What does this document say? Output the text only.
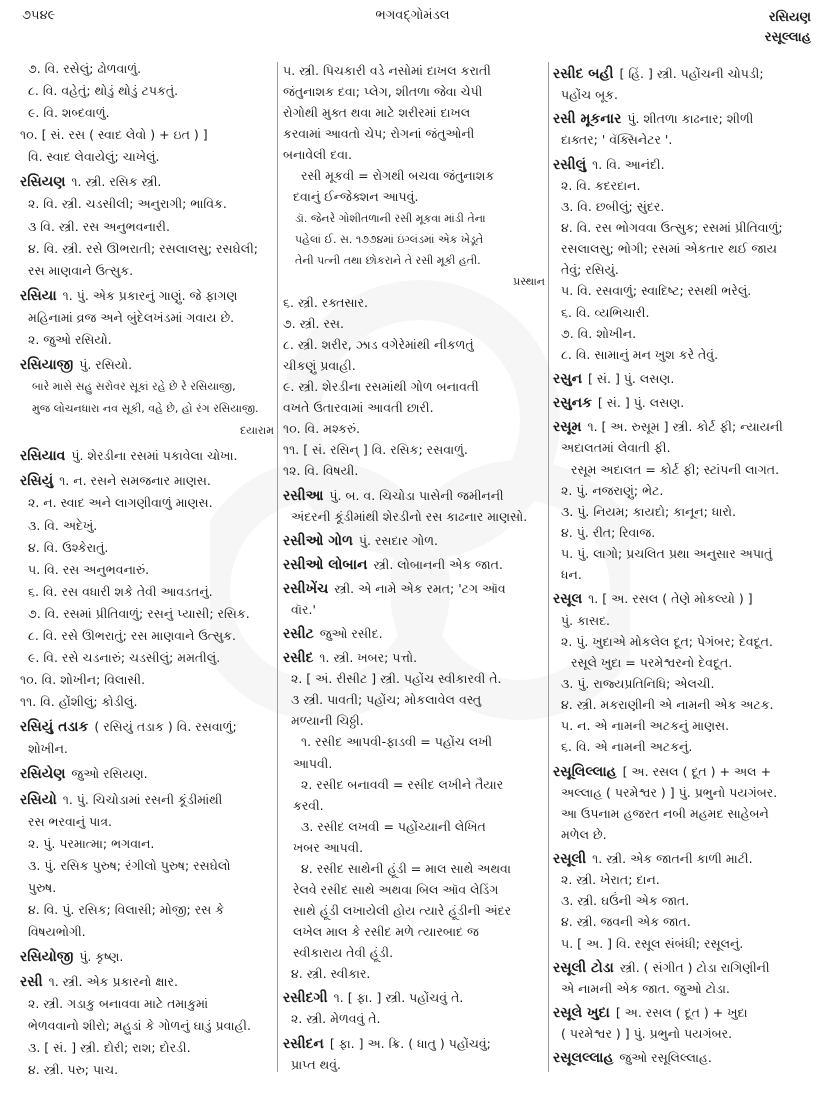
૭૫૪૯	ભગવદ્ગોમંડલ	રસિયણ
રસૂલ્લાહ
૭. વિ. રસેલું; ઢોળવાળું.
૮. વિ. વહેતું; થોડું થોડું ટપકતું.
૯. વિ. શબ્દવાળું.
૧૦. [ સં. રસ ( સ્વાદ લેવો ) + ઇત ) ]
વિ. સ્વાદ લેવાયેલું; ચાખેલું.
રસિયણ ૧. સ્ત્રી. રસિક સ્ત્રી.
૨. વિ. સ્ત્રી. ચડસીલી; અનુરાગી; ભાવિક.
૩ વિ. સ્ત્રી. રસ અનુભવનારી.
૪. વિ. સ્ત્રી. રસે ઊભરાતી; રસલાલસુ; રસઘેલી;
રસ માણવાને ઉત્સુક.
રસિયા ૧. પું. એક પ્રકારનું ગાણું. જે ફાગણ
મહિનામાં વ્રજ અને બુંદેલખંડમાં ગવાય છે.
૨. જુઓ રસિયો.
રસિયાજી પું. રસિયો.
બારે માસે સહુ સરોવર સૂકાં રહે છે રે રસિયાજી,
મુજ લોચનધારા નવ સૂકી, વહે છે, હો રંગ રસિયાજી.
દયારામ
રસિયાવ પું. શેરડીના રસમાં પકાવેલા ચોખા.
રસિયું ૧. ન. રસને સમજનાર માણસ.
૨. ન. સ્વાદ અને લાગણીવાળું માણસ.
૩. વિ. અદેખું.
૪. વિ. ઉશ્કેરાતું.
૫. વિ. રસ અનુભવનારું.
૬. વિ. રસ વધારી શકે તેવી આવડતનું.
૭. વિ. રસમાં પ્રીતિવાળું; રસનું પ્યાસી; રસિક.
૮. વિ. રસે ઊભરાતું; રસ માણવાને ઉત્સુક.
૯. વિ. રસે ચડનારું; ચડસીલું; મમતીલું.
૧૦. વિ. શોખીન; વિલાસી.
૧૧. વિ. હોંશીલું; કોડીલું.
રસિયું તડાક ( રસિયું તડાક ) વિ. રસવાળું;
શોખીન.
રસિયેણ જુઓ રસિયણ.
રસિયો ૧. પું. ચિચોડામાં રસની કૂંડીમાંથી
રસ ભરવાનું પાત્ર.
૨. પું. પરમાત્મા; ભગવાન.
૩. પું. રસિક પુરુષ; રંગીલો પુરુષ; રસઘેલો
પુરુષ.
૪. વિ. પું. રસિક; વિલાસી; મોજી; રસ કે
વિષયભોગી.
રસિયોજી પું. કૃષ્ણ.
રસી ૧. સ્ત્રી. એક પ્રકારનો ક્ષાર.
૨. સ્ત્રી. ગડાકુ બનાવવા માટે તમાકુમાં
ભેળવવાનો શીરો; મહુડાં કે ગોળનું ઘાડું પ્રવાહી.
૩. [ સં. ] સ્ત્રી. દોરી; રાશ; દોરડી.
૪. સ્ત્રી. પરુ; પાચ.
૫. સ્ત્રી. પિચકારી વડે નસોમાં દાખલ કરાતી
જંતુનાશક દવા; પ્લેગ, શીતળા જેવા ચેપી
રોગોથી મુક્ત થવા માટે શરીરમાં દાખલ
કરવામાં આવતો ચેપ; રોગનાં જંતુઓની
બનાવેલી દવા.
રસી મૂકવી = રોગથી બચવા જંતુનાશક
દવાનું ઈન્જેક્શન આપવું.
ડૉ. જેનરે ગોશીતળાની રસી મૂકવા માંડી તેના
પહેલાં ઈ. સ. ૧૭૭૪માં ઇંગ્લંડમાં એક ખેડૂતે
તેની પત્ની તથા છોકરાને તે રસી મૂકી હતી.
પ્રસ્થાન
૬. સ્ત્રી. રક્તસાર.
૭. સ્ત્રી. રસ.
૮. સ્ત્રી. શરીર, ઝાડ વગેરેમાંથી નીકળતું
ચીકણું પ્રવાહી.
૯. સ્ત્રી. શેરડીના રસમાંથી ગોળ બનાવતી
વખતે ઉતારવામાં આવતી છારી.
૧૦. વિ. મશ્કરું.
૧૧. [ સં. રસિન્ ] વિ. રસિક; રસવાળું.
૧૨. વિ. વિષયી.
રસીઆ પું. બ. વ. ચિચોડા પાસેની જમીનની
અંદરની કૂંડીમાંથી શેરડીનો રસ કાઢનાર માણસો.
રસીઓ ગોળ પું. રસદાર ગોળ.
રસીઓ લોબાન સ્ત્રી. લોબાનની એક જાત.
રસીખેંચ સ્ત્રી. એ નામે એક રમત; 'ટગ ઑવ
વૉર.'
રસીટ જુઓ રસીદ.
રસીદ ૧. સ્ત્રી. ખબર; પત્તો.
૨. [ અં. રીસીટ ] સ્ત્રી. પહોંચ સ્વીકારવી તે.
૩ સ્ત્રી. પાવતી; પહોંચ; મોકલાવેલ વસ્તુ
મળ્યાની ચિઠ્ઠી.
૧. રસીદ આપવી-ફાડવી = પહોંચ લખી
આપવી.
૨. રસીદ બનાવવી = રસીદ લખીને તૈયાર
કરવી.
૩. રસીદ લખવી = પહોંચ્યાની લેખિત
ખબર આપવી.
૪. રસીદ સાથેની હૂંડી = માલ સાથે અથવા
રેલવે રસીદ સાથે અથવા બિલ ઑવ લેડિંગ
સાથે હૂંડી લખાયેલી હોય ત્યારે હૂંડીની અંદર
લખેલ માલ કે રસીદ મળે ત્યારબાદ જ
સ્વીકારાય તેવી હૂંડી.
૪. સ્ત્રી. સ્વીકાર.
રસીદગી ૧. [ ફા. ] સ્ત્રી. પહોંચવું તે.
૨. સ્ત્રી. મેળવવું તે.
રસીદન [ ફા. ] અ. ક્રિ. ( ધાતુ ) પહોંચવું;
પ્રાપ્ત થવું.
રસીદ બહી [ હિં. ] સ્ત્રી. પહોંચની ચોપડી;
પહોંચ બૂક.
રસી મૂકનાર પું. શીતળા કાઢનાર; શીળી
દાક્તર; ' વૅક્સિનેટર '.
રસીલું ૧. વિ. આનંદી.
૨. વિ. કદરદાન.
૩. વિ. છબીલું; સુંદર.
૪. વિ. રસ ભોગવવા ઉત્સુક; રસમાં પ્રીતિવાળું;
રસલાલસુ; ભોગી; રસમાં એકતાર થઈ જાય
તેવું; રસિયું.
૫. વિ. રસવાળું; સ્વાદિષ્ટ; રસથી ભરેલું.
૬. વિ. વ્યભિચારી.
૭. વિ. શોખીન.
૮. વિ. સામાનું મન ખુશ કરે તેવું.
રસુન [ સં. ] પું. લસણ.
રસુનક [ સં. ] પું. લસણ.
રસૂમ ૧. [ અ. રુસૂમ ] સ્ત્રી. કોર્ટ ફી; ન્યાયની
અદાલતમાં લેવાતી ફી.
રસૂમ અદાલત = કોર્ટ ફી; સ્ટાંપની લાગત.
૨. પું. નજરાણું; ભેટ.
૩. પું. નિયમ; કાયદો; કાનૂન; ધારો.
૪. પું. રીત; રિવાજ.
૫. પું. લાગો; પ્રચલિત પ્રથા અનુસાર અપાતું
ધન.
રસૂલ ૧. [ અ. રસલ ( તેણે મોકલ્યો ) ]
પું. કાસદ.
૨. પું. ખુદાએ મોકલેલ દૂત; પેગંબર; દેવદૂત.
રસૂલે ખુદા = પરમેશ્વરનો દેવદૂત.
૩. પું. રાજ્યપ્રતિનિધિ; એલચી.
૪. સ્ત્રી. મકરાણીની એ નામની એક અટક.
૫. ન. એ નામની અટકનું માણસ.
૬. વિ. એ નામની અટકનું.
રસૂલિલ્લાહ [ અ. રસલ ( દૂત ) + અલ +
અલ્લાહ ( પરમેશ્વર ) ] પું. પ્રભુનો પયગંબર.
આ ઉપનામ હજરત નબી મહમદ સાહેબને
મળેલ છે.
રસૂલી ૧. સ્ત્રી. એક જાતની કાળી માટી.
૨. સ્ત્રી. ખેરાત; દાન.
૩. સ્ત્રી. ઘઉંની એક જાત.
૪. સ્ત્રી. જવની એક જાત.
૫. [ અ. ] વિ. રસૂલ સંબંધી; રસૂલનું.
રસૂલી ટોડા સ્ત્રી. ( સંગીત ) ટોડા રાગિણીની
એ નામની એક જાત. જુઓ ટોડા.
રસૂલે ખુદા [ અ. રસલ ( દૂત ) + ખુદા
( પરમેશ્વર ) ] પું. પ્રભુનો પયગંબર.
રસૂલલ્લાહ જુઓ રસૂલિલ્લાહ.
